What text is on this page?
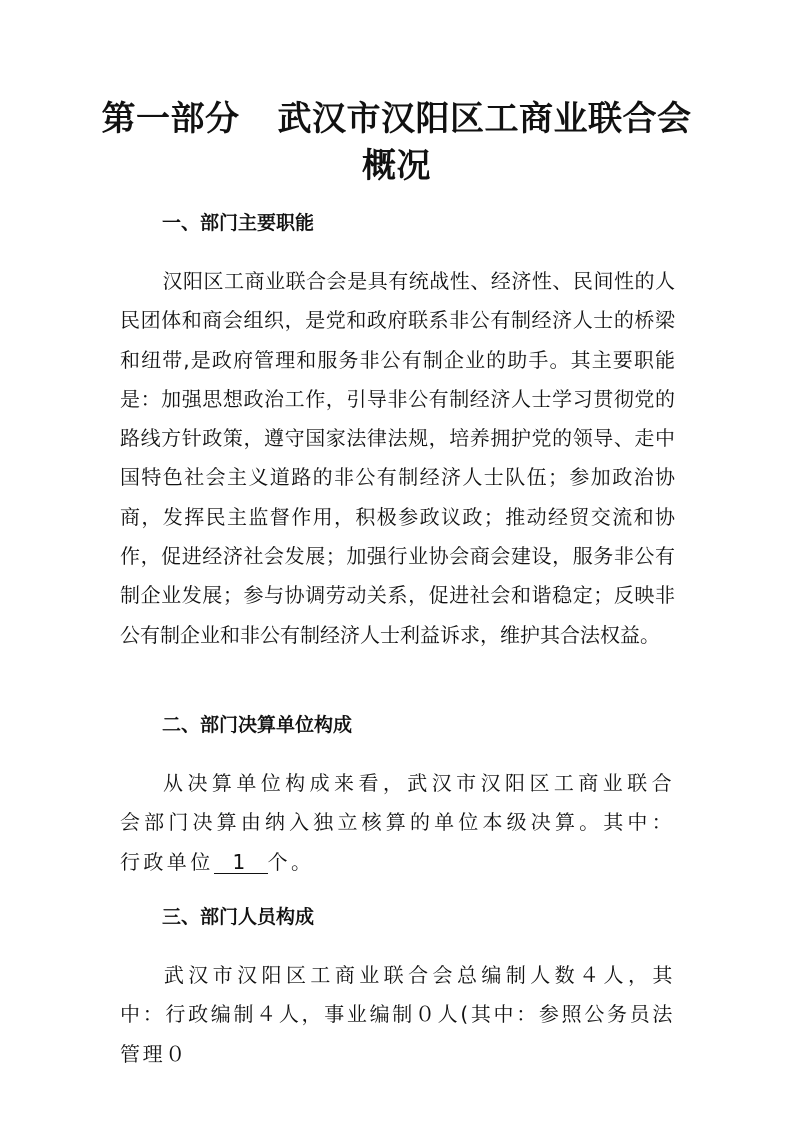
第一部分 武汉市汉阳区工商业联合会
概况
一、部门主要职能
汉阳区工商业联合会是具有统战性、经济性、民间性的人民团体和商会组织，是党和政府联系非公有制经济人士的桥梁和纽带,是政府管理和服务非公有制企业的助手。其主要职能是：加强思想政治工作，引导非公有制经济人士学习贯彻党的路线方针政策，遵守国家法律法规，培养拥护党的领导、走中国特色社会主义道路的非公有制经济人士队伍；参加政治协商，发挥民主监督作用，积极参政议政；推动经贸交流和协作，促进经济社会发展；加强行业协会商会建设，服务非公有制企业发展；参与协调劳动关系，促进社会和谐稳定；反映非公有制企业和非公有制经济人士利益诉求，维护其合法权益。
二、部门决算单位构成
从决算单位构成来看，武汉市汉阳区工商业联合会部门决算由纳入独立核算的单位本级决算。其中：行政单位 1 个。
三、部门人员构成
武汉市汉阳区工商业联合会总编制人数４人，其中：行政编制４人，事业编制０人(其中：参照公务员法管理０
